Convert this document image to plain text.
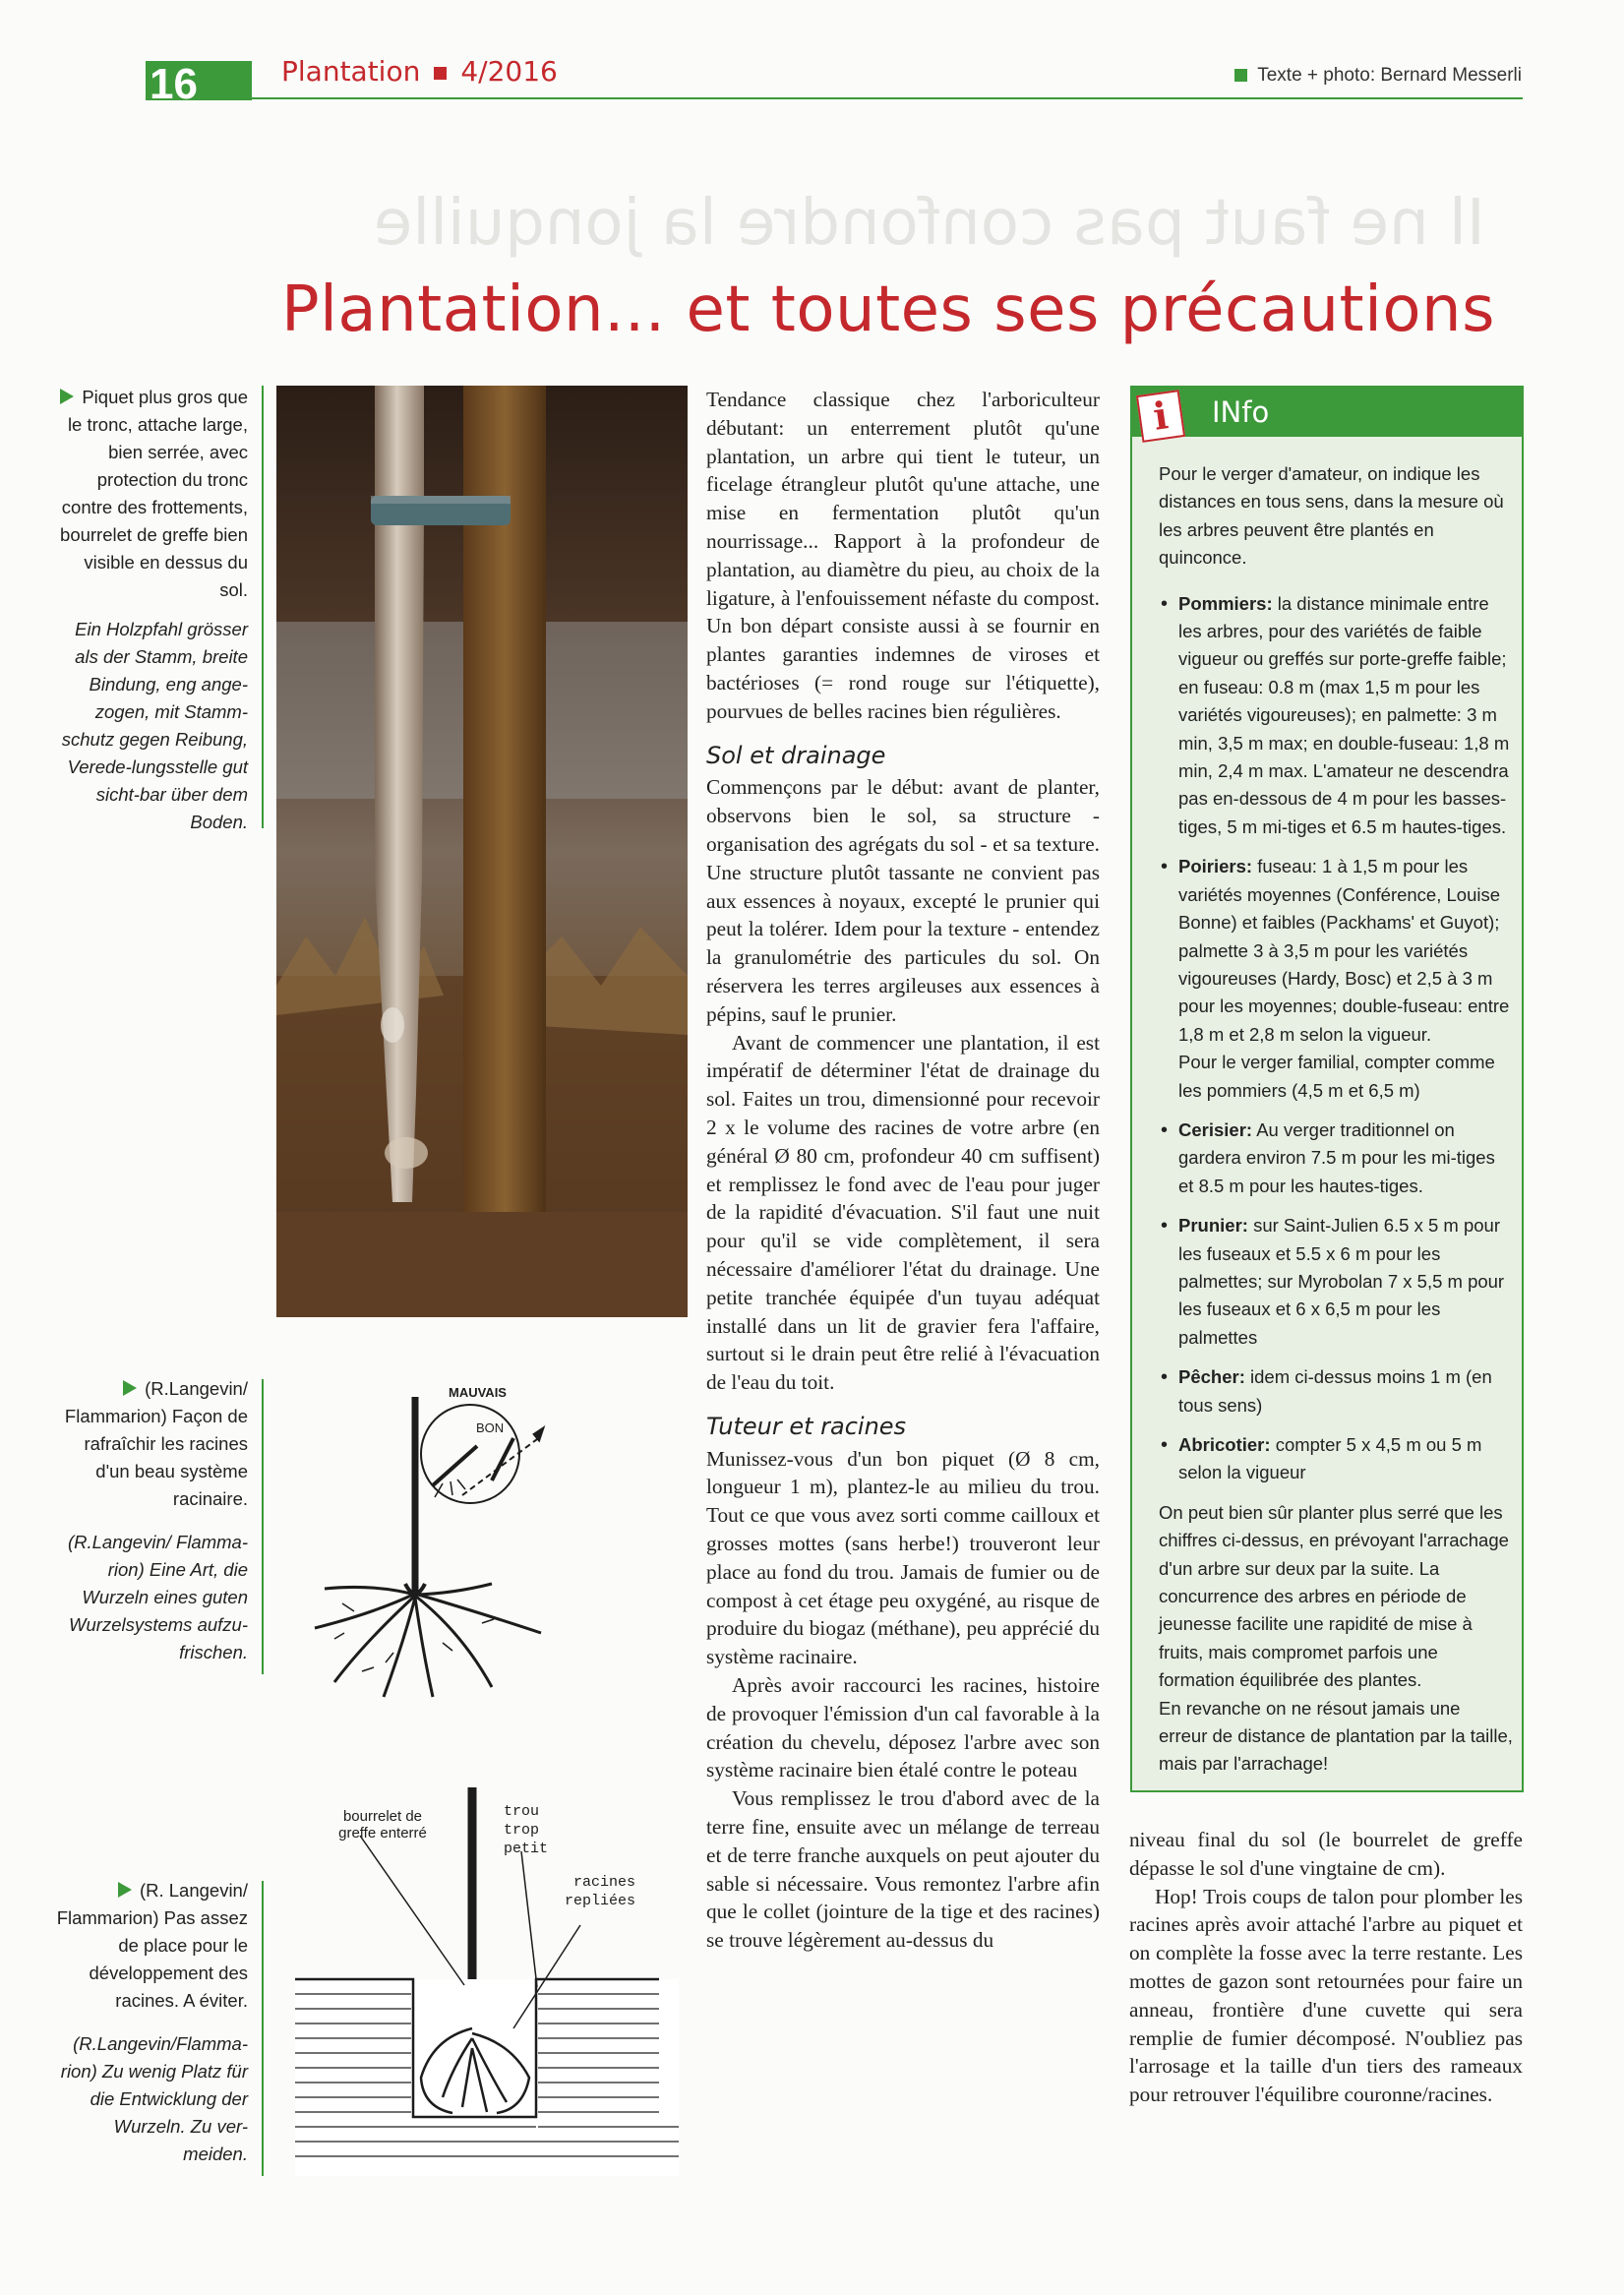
16	Plantation 4/2016	Texte + photo: Bernard Messerli
Il ne faut pas confondre la jonquille
Plantation... et toutes ses précautions
Piquet plus gros que le tronc, attache large, bien serrée, avec protection du tronc contre des frottements, bourrelet de greffe bien visible en dessus du sol.
Ein Holzpfahl grösser als der Stamm, breite Bindung, eng ange-zogen, mit Stamm-schutz gegen Reibung, Verede-lungsstelle gut sicht-bar über dem Boden.
(R.Langevin/ Flammarion) Façon de rafraîchir les racines d'un beau système racinaire.
(R.Langevin/ Flamma-rion) Eine Art, die Wurzeln eines guten Wurzelsystems aufzu-frischen.
(R. Langevin/ Flammarion) Pas assez de place pour le développement des racines. A éviter.
(R.Langevin/Flamma-rion) Zu wenig Platz für die Entwicklung der Wurzeln. Zu ver-meiden.
MAUVAIS
BON
bourrelet de greffe enterré
trou trop petit
racines repliées

Tendance classique chez l'arboriculteur débutant: un enterrement plutôt qu'une plantation, un arbre qui tient le tuteur, un ficelage étrangleur plutôt qu'une attache, une mise en fermentation plutôt qu'un nourrissage... Rapport à la profondeur de plantation, au diamètre du pieu, au choix de la ligature, à l'enfouissement néfaste du compost. Un bon départ consiste aussi à se fournir en plantes garanties indemnes de viroses et bactérioses (= rond rouge sur l'étiquette), pourvues de belles racines bien régulières.

Sol et drainage

Commençons par le début: avant de planter, observons bien le sol, sa structure - organisation des agrégats du sol - et sa texture. Une structure plutôt tassante ne convient pas aux essences à noyaux, excepté le prunier qui peut la tolérer. Idem pour la texture - entendez la granulométrie des particules du sol. On réservera les terres argileuses aux essences à pépins, sauf le prunier.

Avant de commencer une plantation, il est impératif de déterminer l'état de drainage du sol. Faites un trou, dimensionné pour recevoir 2 x le volume des racines de votre arbre (en général Ø 80 cm, profondeur 40 cm suffisent) et remplissez le fond avec de l'eau pour juger de la rapidité d'évacuation. S'il faut une nuit pour qu'il se vide complètement, il sera nécessaire d'améliorer l'état du drainage. Une petite tranchée équipée d'un tuyau adéquat installé dans un lit de gravier fera l'affaire, surtout si le drain peut être relié à l'évacuation de l'eau du toit.

Tuteur et racines

Munissez-vous d'un bon piquet (Ø 8 cm, longueur 1 m), plantez-le au milieu du trou. Tout ce que vous avez sorti comme cailloux et grosses mottes (sans herbe!) trouveront leur place au fond du trou. Jamais de fumier ou de compost à cet étage peu oxygéné, au risque de produire du biogaz (méthane), peu apprécié du système racinaire.

Après avoir raccourci les racines, histoire de provoquer l'émission d'un cal favorable à la création du chevelu, déposez l'arbre avec son système racinaire bien étalé contre le poteau

Vous remplissez le trou d'abord avec de la terre fine, ensuite avec un mélange de terreau et de terre franche auxquels on peut ajouter du sable si nécessaire. Vous remontez l'arbre afin que le collet (jointure de la tige et des racines) se trouve légèrement au-dessus du

i	INfo

Pour le verger d'amateur, on indique les distances en tous sens, dans la mesure où les arbres peuvent être plantés en quinconce.

• Pommiers: la distance minimale entre les arbres, pour des variétés de faible vigueur ou greffés sur porte-greffe faible; en fuseau: 0.8 m (max 1,5 m pour les variétés vigoureuses); en palmette: 3 m min, 3,5 m max; en double-fuseau: 1,8 m min, 2,4 m max. L'amateur ne descendra pas en-dessous de 4 m pour les basses-tiges, 5 m mi-tiges et 6.5 m hautes-tiges.
• Poiriers: fuseau: 1 à 1,5 m pour les variétés moyennes (Conférence, Louise Bonne) et faibles (Packhams' et Guyot); palmette 3 à 3,5 m pour les variétés vigoureuses (Hardy, Bosc) et 2,5 à 3 m pour les moyennes; double-fuseau: entre 1,8 m et 2,8 m selon la vigueur.
Pour le verger familial, compter comme les pommiers (4,5 m et 6,5 m)
• Cerisier: Au verger traditionnel on gardera environ 7.5 m pour les mi-tiges et 8.5 m pour les hautes-tiges.
• Prunier: sur Saint-Julien 6.5 x 5 m pour les fuseaux et 5.5 x 6 m pour les palmettes; sur Myrobolan 7 x 5,5 m pour les fuseaux et 6 x 6,5 m pour les palmettes
• Pêcher: idem ci-dessus moins 1 m (en tous sens)
• Abricotier: compter 5 x 4,5 m ou 5 m selon la vigueur

On peut bien sûr planter plus serré que les chiffres ci-dessus, en prévoyant l'arrachage d'un arbre sur deux par la suite. La concurrence des arbres en période de jeunesse facilite une rapidité de mise à fruits, mais compromet parfois une formation équilibrée des plantes.

En revanche on ne résout jamais une erreur de distance de plantation par la taille, mais par l'arrachage!

niveau final du sol (le bourrelet de greffe dépasse le sol d'une vingtaine de cm).

Hop! Trois coups de talon pour plomber les racines après avoir attaché l'arbre au piquet et on complète la fosse avec la terre restante. Les mottes de gazon sont retournées pour faire un anneau, frontière d'une cuvette qui sera remplie de fumier décomposé. N'oubliez pas l'arrosage et la taille d'un tiers des rameaux pour retrouver l'équilibre couronne/racines.
